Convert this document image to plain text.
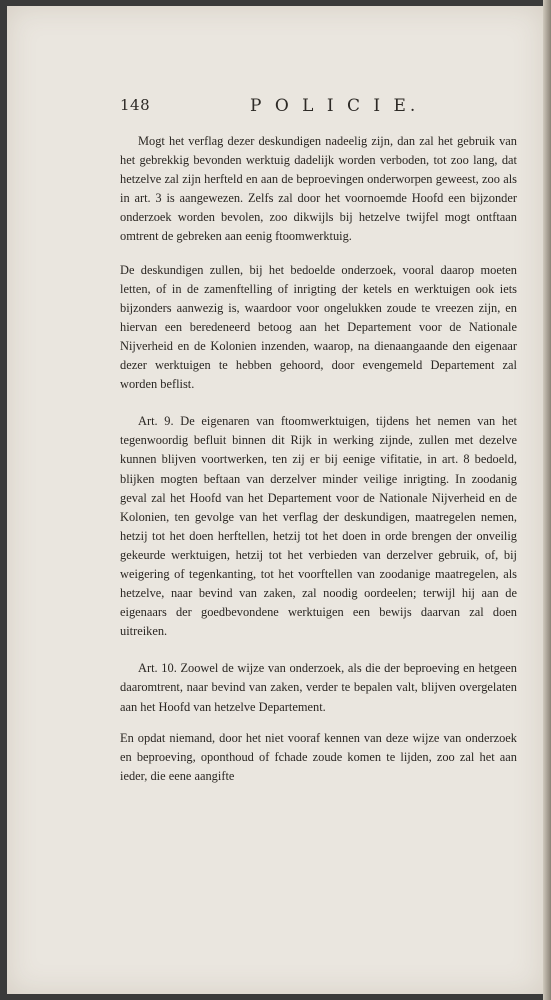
148	P O L I C I E.

Mogt het verflag dezer deskundigen nadeelig zijn, dan zal het gebruik van het gebrekkig bevonden werktuig dadelijk worden verboden, tot zoo lang, dat hetzelve zal zijn herfteld en aan de beproevingen onderworpen geweest, zoo als in art. 3 is aangewezen. Zelfs zal door het voornoemde Hoofd een bijzonder onderzoek worden bevolen, zoo dikwijls bij hetzelve twijfel mogt ontftaan omtrent de gebreken aan eenig ftoomwerktuig.

De deskundigen zullen, bij het bedoelde onderzoek, vooral daarop moeten letten, of in de zamenftelling of inrigting der ketels en werktuigen ook iets bijzonders aanwezig is, waardoor voor ongelukken zoude te vreezen zijn, en hiervan een beredeneerd betoog aan het Departement voor de Nationale Nijverheid en de Kolonien inzenden, waarop, na dienaangaande den eigenaar dezer werktuigen te hebben gehoord, door evengemeld Departement zal worden beflist.

Art. 9. De eigenaren van ftoomwerktuigen, tijdens het nemen van het tegenwoordig befluit binnen dit Rijk in werking zijnde, zullen met dezelve kunnen blijven voortwerken, ten zij er bij eenige vifitatie, in art. 8 bedoeld, blijken mogten beftaan van derzelver minder veilige inrigting. In zoodanig geval zal het Hoofd van het Departement voor de Nationale Nijverheid en de Kolonien, ten gevolge van het verflag der deskundigen, maatregelen nemen, hetzij tot het doen herftellen, hetzij tot het doen in orde brengen der onveilig gekeurde werktuigen, hetzij tot het verbieden van derzelver gebruik, of, bij weigering of tegenkanting, tot het voorftellen van zoodanige maatregelen, als hetzelve, naar bevind van zaken, zal noodig oordeelen; terwijl hij aan de eigenaars der goedbevondene werktuigen een bewijs daarvan zal doen uitreiken.

Art. 10. Zoowel de wijze van onderzoek, als die der beproeving en hetgeen daaromtrent, naar bevind van zaken, verder te bepalen valt, blijven overgelaten aan het Hoofd van hetzelve Departement.

En opdat niemand, door het niet vooraf kennen van deze wijze van onderzoek en beproeving, oponthoud of fchade zoude komen te lijden, zoo zal het aan ieder, die eene aangifte
